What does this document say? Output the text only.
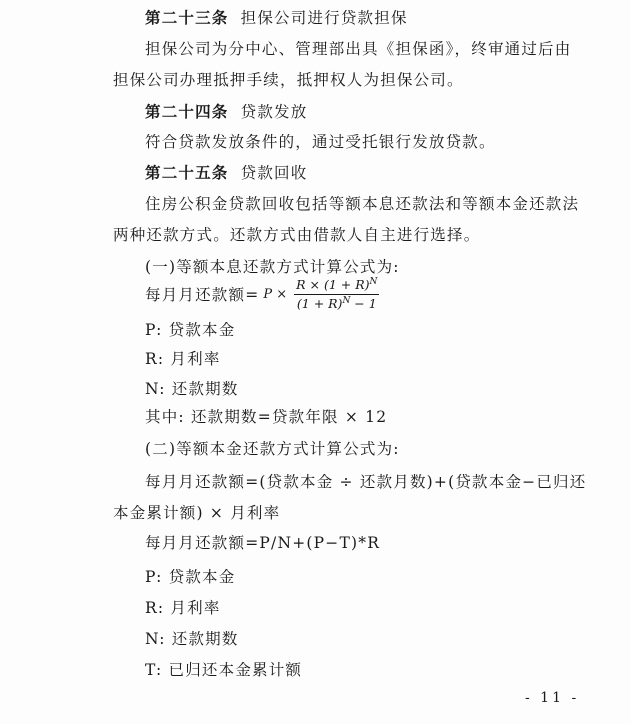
第二十三条 担保公司进行贷款担保
担保公司为分中心、管理部出具《担保函》，终审通过后由
担保公司办理抵押手续，抵押权人为担保公司。
第二十四条 贷款发放
符合贷款发放条件的，通过受托银行发放贷款。
第二十五条 贷款回收
住房公积金贷款回收包括等额本息还款法和等额本金还款法
两种还款方式。还款方式由借款人自主进行选择。
(一)等额本息还款方式计算公式为:
每月月还款额= $P \times \frac{R \times (1 + R)^N}{(1 + R)^N - 1}$
P: 贷款本金
R: 月利率
N: 还款期数
其中: 还款期数=贷款年限 × 12
(二)等额本金还款方式计算公式为:
每月月还款额=(贷款本金 ÷ 还款月数)+(贷款本金−已归还
本金累计额) × 月利率
每月月还款额=P/N+(P−T)*R
P: 贷款本金
R: 月利率
N: 还款期数
T: 已归还本金累计额
- 11 -
